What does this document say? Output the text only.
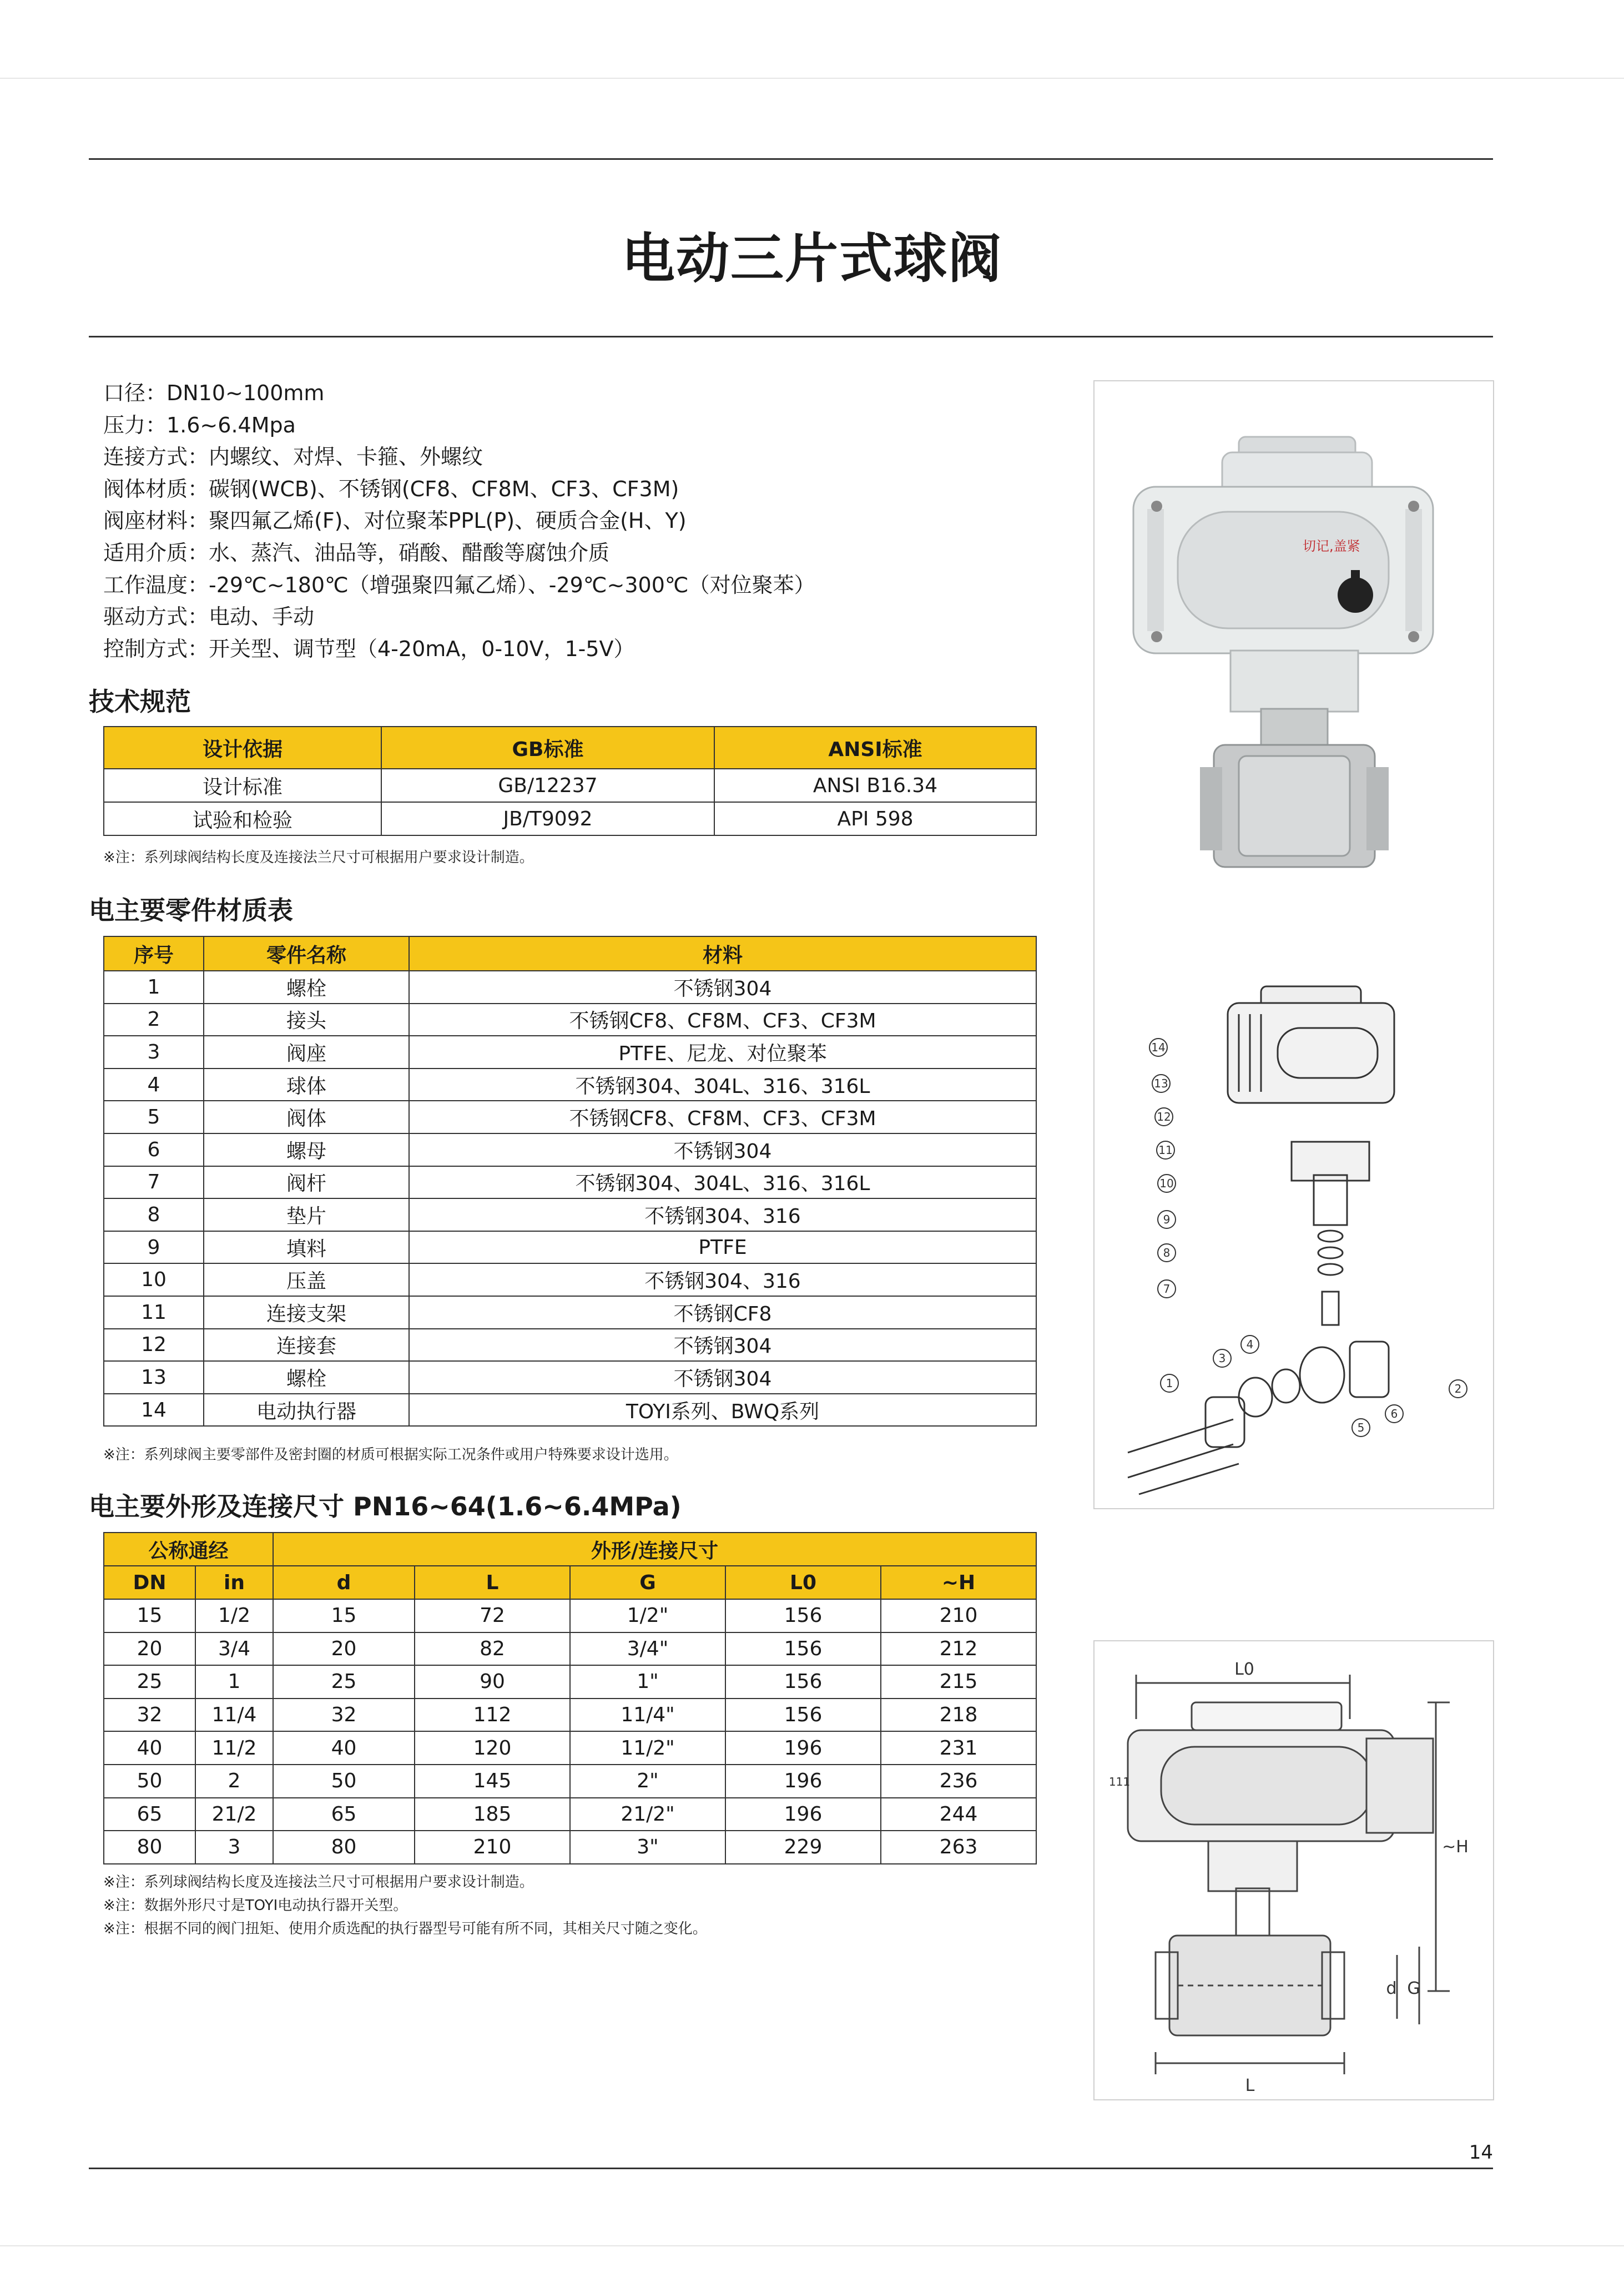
电动三片式球阀
口径：DN10~100mm
压力：1.6~6.4Mpa
连接方式：内螺纹、对焊、卡箍、外螺纹
阀体材质：碳钢(WCB)、不锈钢(CF8、CF8M、CF3、CF3M)
阀座材料：聚四氟乙烯(F)、对位聚苯PPL(P)、硬质合金(H、Y)
适用介质：水、蒸汽、油品等，硝酸、醋酸等腐蚀介质
工作温度：-29℃~180℃（增强聚四氟乙烯）、-29℃~300℃（对位聚苯）
驱动方式：电动、手动
控制方式：开关型、调节型（4-20mA，0-10V，1-5V）
技术规范
设计依据	GB标准	ANSI标准
设计标准	GB/12237	ANSI B16.34
试验和检验	JB/T9092	API 598
※注：系列球阀结构长度及连接法兰尺寸可根据用户要求设计制造。
电主要零件材质表
序号	零件名称	材料
1	螺栓	不锈钢304
2	接头	不锈钢CF8、CF8M、CF3、CF3M
3	阀座	PTFE、尼龙、对位聚苯
4	球体	不锈钢304、304L、316、316L
5	阀体	不锈钢CF8、CF8M、CF3、CF3M
6	螺母	不锈钢304
7	阀杆	不锈钢304、304L、316、316L
8	垫片	不锈钢304、316
9	填料	PTFE
10	压盖	不锈钢304、316
11	连接支架	不锈钢CF8
12	连接套	不锈钢304
13	螺栓	不锈钢304
14	电动执行器	TOYI系列、BWQ系列
※注：系列球阀主要零部件及密封圈的材质可根据实际工况条件或用户特殊要求设计选用。
电主要外形及连接尺寸 PN16~64(1.6~6.4MPa)
公称通经		外形/连接尺寸				
DN	in	d	L	G	L0	~H
15	1/2	15	72	1/2"	156	210
20	3/4	20	82	3/4"	156	212
25	1	25	90	1"	156	215
32	11/4	32	112	11/4"	156	218
40	11/2	40	120	11/2"	196	231
50	2	50	145	2"	196	236
65	21/2	65	185	21/2"	196	244
80	3	80	210	3"	229	263
※注：系列球阀结构长度及连接法兰尺寸可根据用户要求设计制造。
※注：数据外形尺寸是TOYI电动执行器开关型。
※注：根据不同的阀门扭矩、使用介质选配的执行器型号可能有所不同，其相关尺寸随之变化。
切记,盖紧
14
13
12
11
10
9
8
7
1	2
3
4
5
6
L0
L
~H
d G
111
14
